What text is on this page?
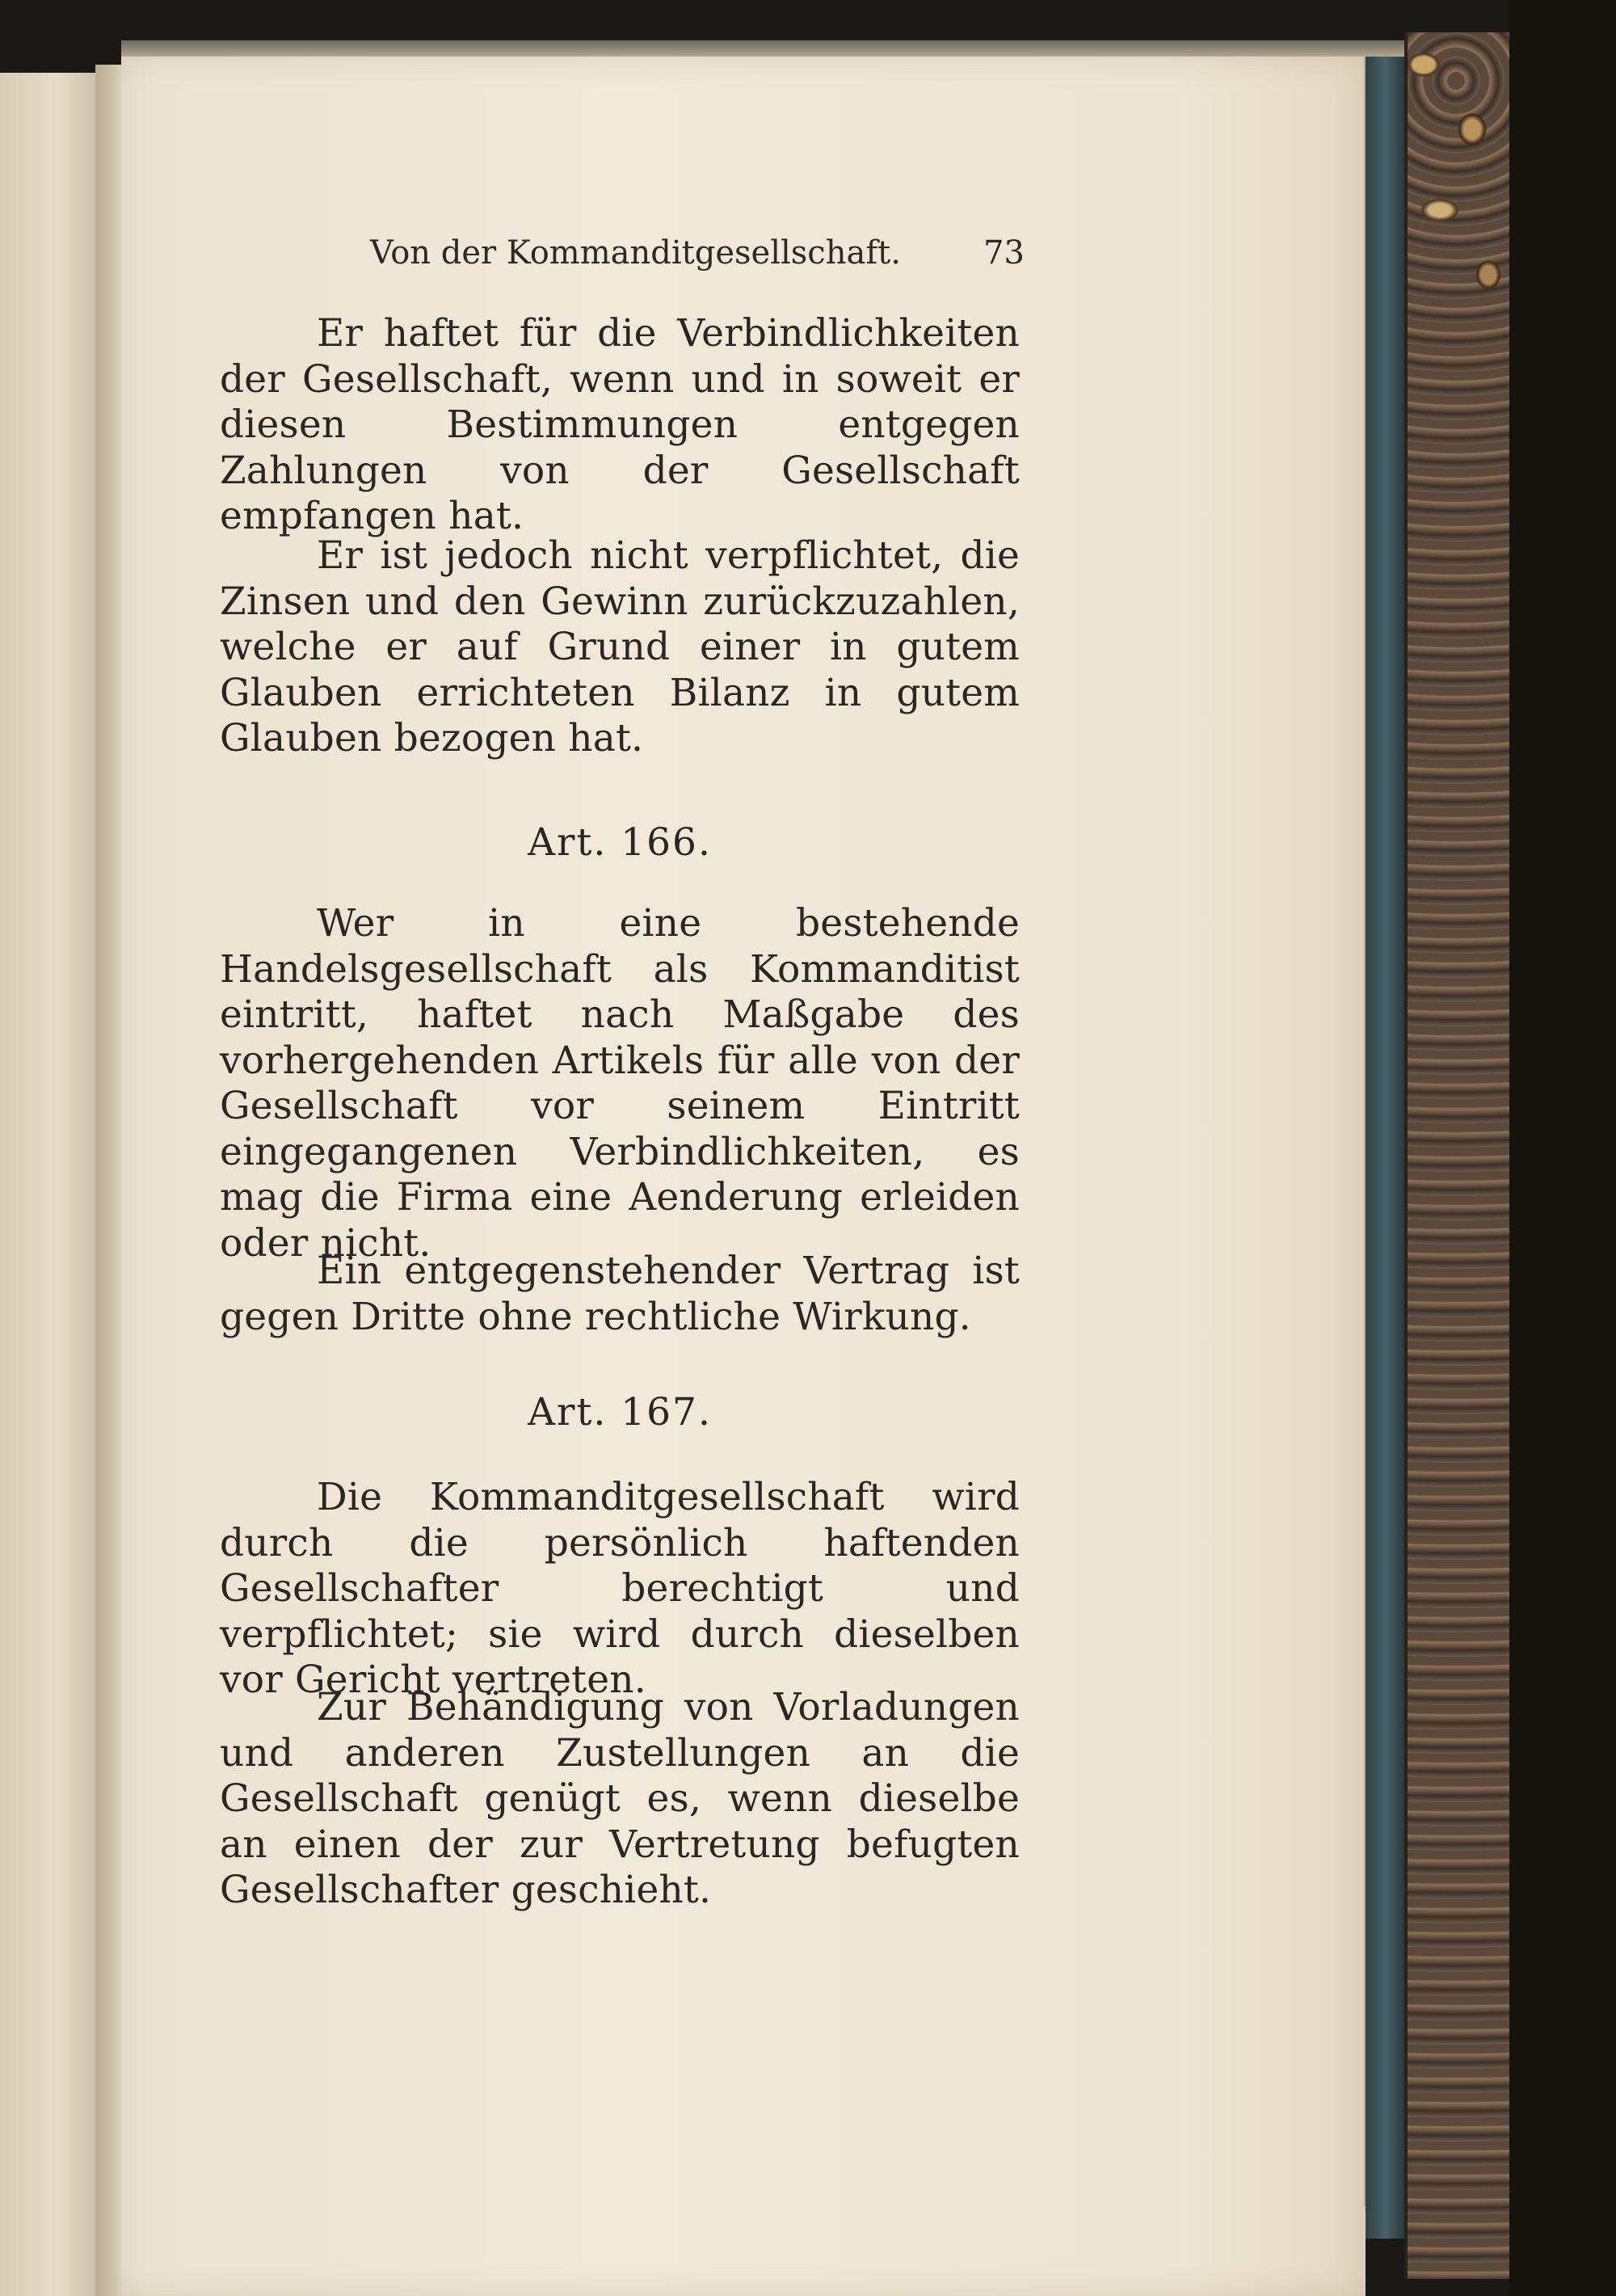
Von der Kommanditgesellschaft.	73

Er haftet für die Verbindlichkeiten der Gesellschaft, wenn und in soweit er diesen Bestimmungen entgegen Zahlungen von der Gesellschaft empfangen hat.

Er ist jedoch nicht verpflichtet, die Zinsen und den Gewinn zurückzuzahlen, welche er auf Grund einer in gutem Glauben errichteten Bilanz in gutem Glauben bezogen hat.

Art. 166.

Wer in eine bestehende Handelsgesellschaft als Kommanditist eintritt, haftet nach Maßgabe des vorhergehenden Artikels für alle von der Gesellschaft vor seinem Eintritt eingegangenen Verbindlichkeiten, es mag die Firma eine Aenderung erleiden oder nicht.

Ein entgegenstehender Vertrag ist gegen Dritte ohne rechtliche Wirkung.

Art. 167.

Die Kommanditgesellschaft wird durch die persönlich haftenden Gesellschafter berechtigt und verpflichtet; sie wird durch dieselben vor Gericht vertreten.

Zur Behändigung von Vorladungen und anderen Zustellungen an die Gesellschaft genügt es, wenn dieselbe an einen der zur Vertretung befugten Gesellschafter geschieht.
